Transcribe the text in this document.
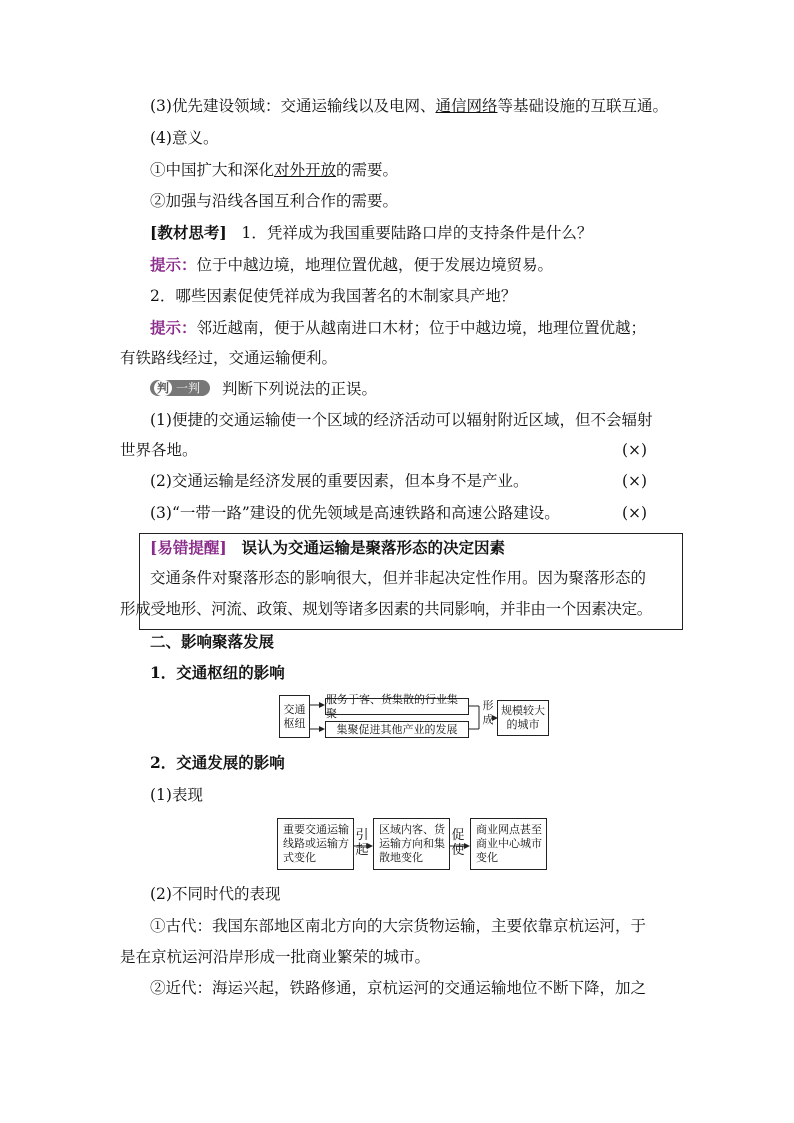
(3)优先建设领域：交通运输线以及电网、通信网络等基础设施的互联互通。
(4)意义。
①中国扩大和深化对外开放的需要。
②加强与沿线各国互利合作的需要。
[教材思考] 1．凭祥成为我国重要陆路口岸的支持条件是什么？
提示：位于中越边境，地理位置优越，便于发展边境贸易。
2．哪些因素促使凭祥成为我国著名的木制家具产地？
提示：邻近越南，便于从越南进口木材；位于中越边境，地理位置优越；
有铁路线经过，交通运输便利。
判 一判 判断下列说法的正误。
(1)便捷的交通运输使一个区域的经济活动可以辐射附近区域，但不会辐射
世界各地。	(×)
(2)交通运输是经济发展的重要因素，但本身不是产业。	(×)
(3)“一带一路”建设的优先领域是高速铁路和高速公路建设。	(×)
[易错提醒] 误认为交通运输是聚落形态的决定因素
交通条件对聚落形态的影响很大，但并非起决定性作用。因为聚落形态的
形成受地形、河流、政策、规划等诸多因素的共同影响，并非由一个因素决定。
二、影响聚落发展
1．交通枢纽的影响
交通
枢纽
服务于客、货集散的行业集聚
集聚促进其他产业的发展
形
成
规模较大
的城市
2．交通发展的影响
(1)表现
重要交通运输
线路或运输方
式变化
引
起
区域内客、货
运输方向和集
散地变化
促
使
商业网点甚至
商业中心城市
变化
(2)不同时代的表现
①古代：我国东部地区南北方向的大宗货物运输，主要依靠京杭运河，于
是在京杭运河沿岸形成一批商业繁荣的城市。
②近代：海运兴起，铁路修通，京杭运河的交通运输地位不断下降，加之
